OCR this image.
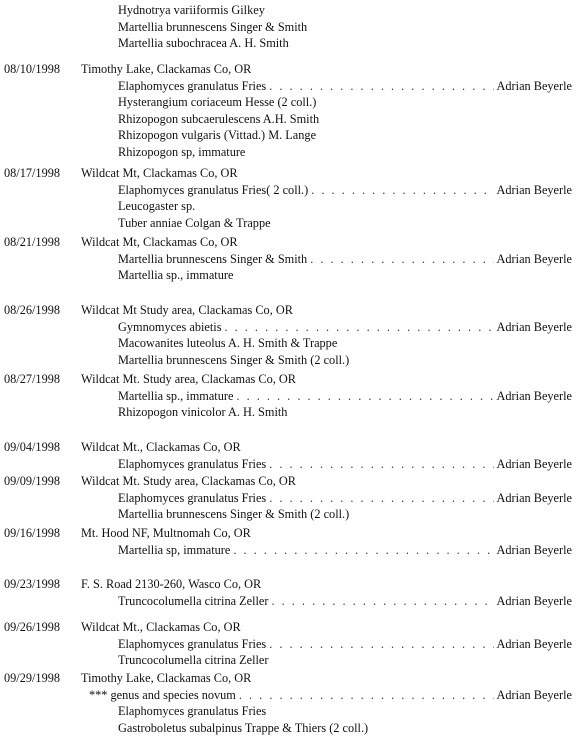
Hydnotrya variiformis Gilkey
Martellia brunnescens Singer & Smith
Martellia subochracea A. H. Smith
08/10/1998 Timothy Lake, Clackamas Co, OR
Elaphomyces granulatus Fries . . .	Adrian Beyerle
Hysterangium coriaceum Hesse (2 coll.)
Rhizopogon subcaerulescens A.H. Smith
Rhizopogon vulgaris (Vittad.) M. Lange
Rhizopogon sp, immature
08/17/1998 Wildcat Mt, Clackamas Co, OR
Elaphomyces granulatus Fries( 2 coll.) . . .	Adrian Beyerle
Leucogaster sp.
Tuber anniae Colgan & Trappe
08/21/1998 Wildcat Mt, Clackamas Co, OR
Martellia brunnescens Singer & Smith . . .	Adrian Beyerle
Martellia sp., immature
08/26/1998 Wildcat Mt Study area, Clackamas Co, OR
Gymnomyces abietis . . .	Adrian Beyerle
Macowanites luteolus A. H. Smith & Trappe
Martellia brunnescens Singer & Smith (2 coll.)
08/27/1998 Wildcat Mt. Study area, Clackamas Co, OR
Martellia sp., immature . . .	Adrian Beyerle
Rhizopogon vinicolor A. H. Smith
09/04/1998 Wildcat Mt., Clackamas Co, OR
Elaphomyces granulatus Fries . . .	Adrian Beyerle
09/09/1998 Wildcat Mt. Study area, Clackamas Co, OR
Elaphomyces granulatus Fries . . .	Adrian Beyerle
Martellia brunnescens Singer & Smith (2 coll.)
09/16/1998 Mt. Hood NF, Multnomah Co, OR
Martellia sp, immature . . .	Adrian Beyerle
09/23/1998 F. S. Road 2130-260, Wasco Co, OR
Truncocolumella citrina Zeller . . .	Adrian Beyerle
09/26/1998 Wildcat Mt., Clackamas Co, OR
Elaphomyces granulatus Fries . . .	Adrian Beyerle
Truncocolumella citrina Zeller
09/29/1998 Timothy Lake, Clackamas Co, OR
*** genus and species novum . . .	Adrian Beyerle
Elaphomyces granulatus Fries
Gastroboletus subalpinus Trappe & Thiers (2 coll.)
